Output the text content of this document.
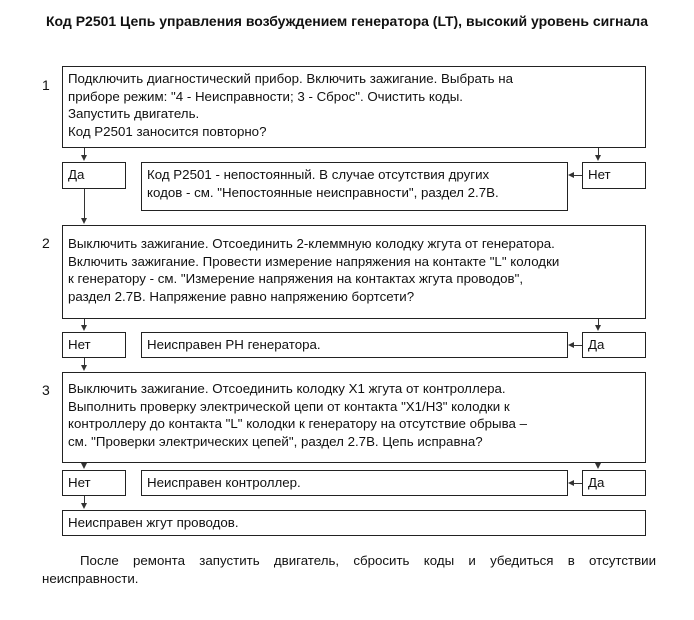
Код P2501 Цепь управления возбуждением генератора (LT), высокий уровень сигнала
1 Подключить диагностический прибор. Включить зажигание. Выбрать на
приборе режим: "4 - Неисправности; 3 - Сброс". Очистить коды.
Запустить двигатель.
Код P2501 заносится повторно?
Да	Код P2501 - непостоянный. В случае отсутствия других
кодов - см. "Непостоянные неисправности", раздел 2.7В.
Нет
2 Выключить зажигание. Отсоединить 2-клеммную колодку жгута от генератора.
Включить зажигание. Провести измерение напряжения на контакте "L" колодки
к генератору - см. "Измерение напряжения на контактах жгута проводов",
раздел 2.7В. Напряжение равно напряжению бортсети?
Нет	Неисправен РН генератора.	Да
3 Выключить зажигание. Отсоединить колодку X1 жгута от контроллера.
Выполнить проверку электрической цепи от контакта "X1/H3" колодки к
контроллеру до контакта "L" колодки к генератору на отсутствие обрыва –
см. "Проверки электрических цепей", раздел 2.7В. Цепь исправна?
Нет	Неисправен контроллер.	Да
Неисправен жгут проводов.
После ремонта запустить двигатель, сбросить коды и убедиться в отсутствии неисправности.
